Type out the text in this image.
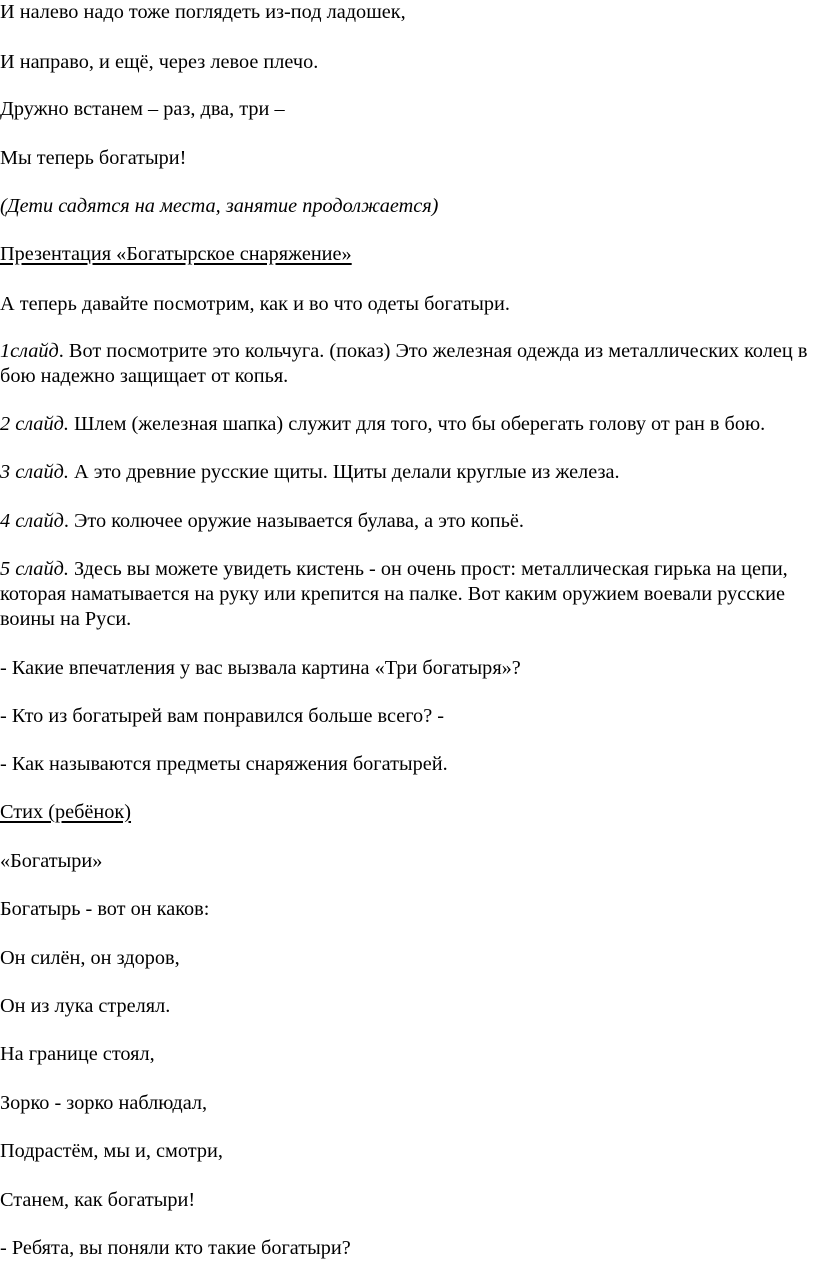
И налево надо тоже поглядеть из-под ладошек,

И направо, и ещё, через левое плечо.

Дружно встанем – раз, два, три –

Мы теперь богатыри!

(Дети садятся на места, занятие продолжается)

Презентация «Богатырское снаряжение»

А теперь давайте посмотрим, как и во что одеты богатыри.

1слайд. Вот посмотрите это кольчуга. (показ) Это железная одежда из металлических колец в бою надежно защищает от копья.

2 слайд. Шлем (железная шапка) служит для того, что бы оберегать голову от ран в бою.

3 слайд. А это древние русские щиты. Щиты делали круглые из железа.

4 слайд. Это колючее оружие называется булава, а это копьё.

5 слайд. Здесь вы можете увидеть кистень - он очень прост: металлическая гирька на цепи, которая наматывается на руку или крепится на палке. Вот каким оружием воевали русские воины на Руси.

- Какие впечатления у вас вызвала картина «Три богатыря»?

- Кто из богатырей вам понравился больше всего? -

- Как называются предметы снаряжения богатырей.

Стих (ребёнок)

«Богатыри»

Богатырь - вот он каков:

Он силён, он здоров,

Он из лука стрелял.

На границе стоял,

Зорко - зорко наблюдал,

Подрастём, мы и, смотри,

Станем, как богатыри!

- Ребята, вы поняли кто такие богатыри?
